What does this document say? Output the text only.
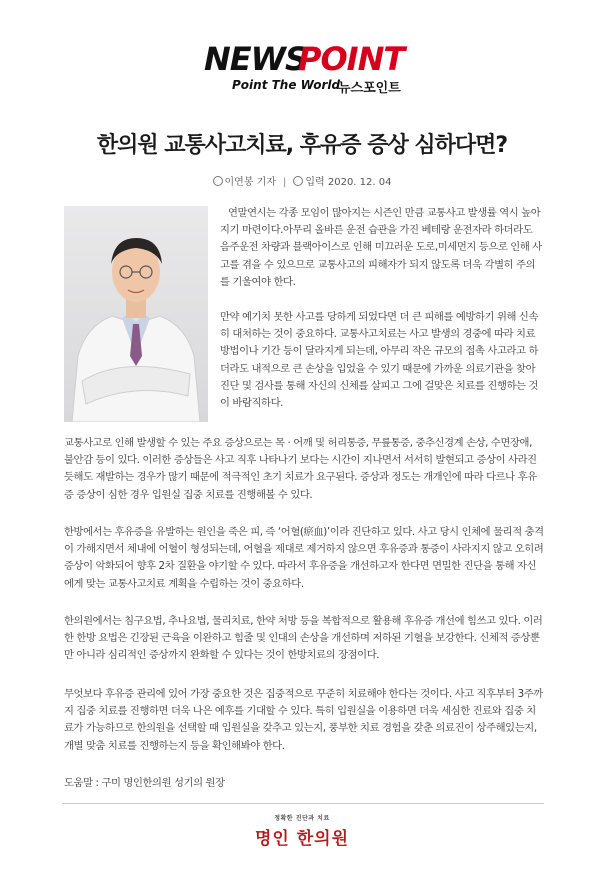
NEWS
POINT
Point The World
뉴스포인트
한의원 교통사고치료, 후유증 증상 심하다면?
이연봉 기자 | 입력 2020. 12. 04

연말연시는 각종 모임이 많아지는 시즌인 만큼 교통사고 발생률 역시 높아지기 마련이다.아무리 올바른 운전 습관을 가진 베테랑 운전자라 하더라도 음주운전 차량과 블랙아이스로 인해 미끄러운 도로,미세먼지 등으로 인해 사고를 겪을 수 있으므로 교통사고의 피해자가 되지 않도록 더욱 각별히 주의를 기울여야 한다.

만약 예기치 못한 사고를 당하게 되었다면 더 큰 피해를 예방하기 위해 신속히 대처하는 것이 중요하다. 교통사고치료는 사고 발생의 경중에 따라 치료 방법이나 기간 등이 달라지게 되는데, 아무리 작은 규모의 접촉 사고라고 하더라도 내적으로 큰 손상을 입었을 수 있기 때문에 가까운 의료기관을 찾아 진단 및 검사를 통해 자신의 신체를 살피고 그에 걸맞은 치료를 진행하는 것이 바람직하다.

교통사고로 인해 발생할 수 있는 주요 증상으로는 목 · 어깨 및 허리통증, 무릎통증, 중추신경계 손상, 수면장애, 불안감 등이 있다. 이러한 증상들은 사고 직후 나타나기 보다는 시간이 지나면서 서서히 발현되고 증상이 사라진 듯해도 재발하는 경우가 많기 때문에 적극적인 초기 치료가 요구된다. 증상과 정도는 개개인에 따라 다르나 후유증 증상이 심한 경우 입원실 집중 치료를 진행해볼 수 있다.

한방에서는 후유증을 유발하는 원인을 죽은 피, 즉 ‘어혈(瘀血)’이라 진단하고 있다. 사고 당시 인체에 물리적 충격이 가해지면서 체내에 어혈이 형성되는데, 어혈을 제대로 제거하지 않으면 후유증과 통증이 사라지지 않고 오히려 증상이 악화되어 향후 2차 질환을 야기할 수 있다. 따라서 후유증을 개선하고자 한다면 면밀한 진단을 통해 자신에게 맞는 교통사고치료 계획을 수립하는 것이 중요하다.

한의원에서는 침구요법, 추나요법, 물리치료, 한약 처방 등을 복합적으로 활용해 후유증 개선에 힘쓰고 있다. 이러한 한방 요법은 긴장된 근육을 이완하고 힘줄 및 인대의 손상을 개선하며 저하된 기혈을 보강한다. 신체적 증상뿐만 아니라 심리적인 증상까지 완화할 수 있다는 것이 한방치료의 장점이다.

무엇보다 후유증 관리에 있어 가장 중요한 것은 집중적으로 꾸준히 치료해야 한다는 것이다. 사고 직후부터 3주까지 집중 치료를 진행하면 더욱 나은 예후를 기대할 수 있다. 특히 입원실을 이용하면 더욱 세심한 진료와 집중 치료가 가능하므로 한의원을 선택할 때 입원실을 갖추고 있는지, 풍부한 치료 경험을 갖춘 의료진이 상주해있는지, 개별 맞춤 치료를 진행하는지 등을 확인해봐야 한다.

도움말 : 구미 명인한의원 성기의 원장

정확한 진단과 치료
명인 한의원
